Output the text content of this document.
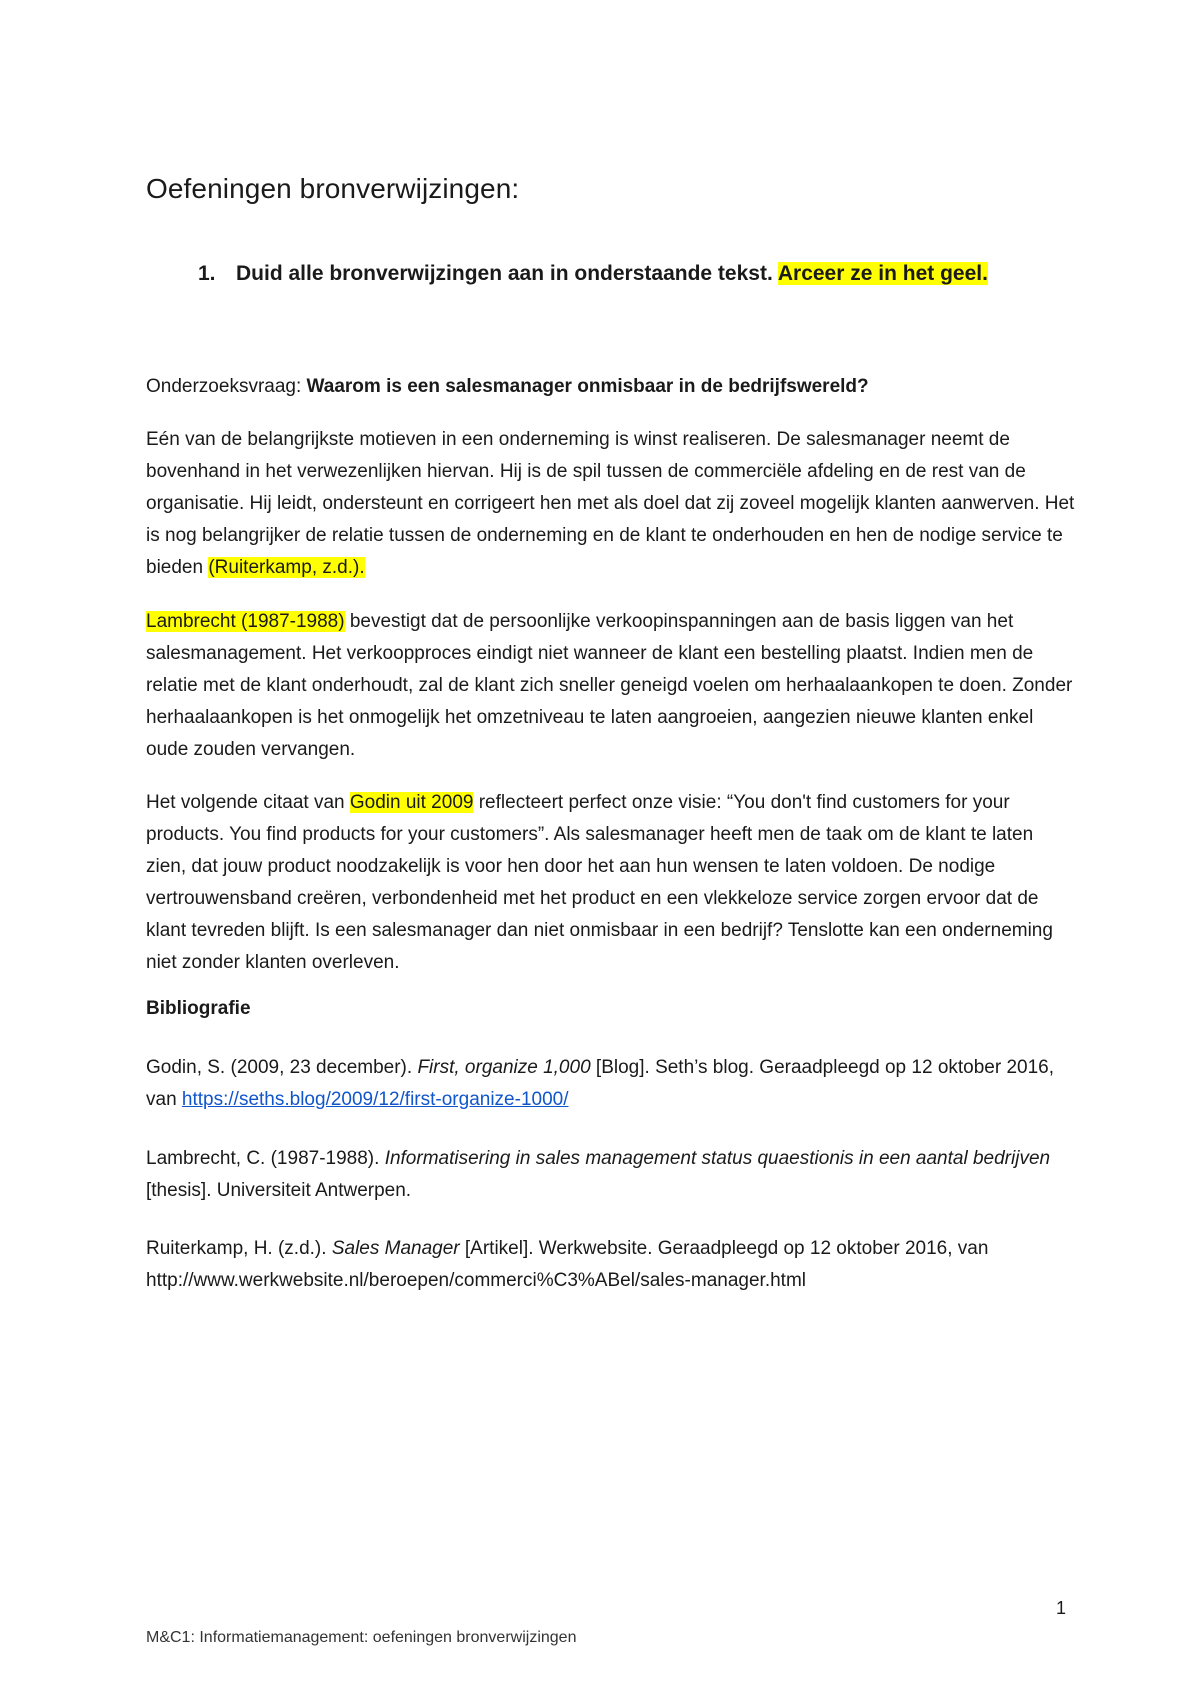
Oefeningen bronverwijzingen:
1. Duid alle bronverwijzingen aan in onderstaande tekst. Arceer ze in het geel.
Onderzoeksvraag: Waarom is een salesmanager onmisbaar in de bedrijfswereld?

Eén van de belangrijkste motieven in een onderneming is winst realiseren. De salesmanager neemt de bovenhand in het verwezenlijken hiervan. Hij is de spil tussen de commerciële afdeling en de rest van de organisatie. Hij leidt, ondersteunt en corrigeert hen met als doel dat zij zoveel mogelijk klanten aanwerven. Het is nog belangrijker de relatie tussen de onderneming en de klant te onderhouden en hen de nodige service te bieden (Ruiterkamp, z.d.).

Lambrecht (1987-1988) bevestigt dat de persoonlijke verkoopinspanningen aan de basis liggen van het salesmanagement. Het verkoopproces eindigt niet wanneer de klant een bestelling plaatst. Indien men de relatie met de klant onderhoudt, zal de klant zich sneller geneigd voelen om herhaalaankopen te doen. Zonder herhaalaankopen is het onmogelijk het omzetniveau te laten aangroeien, aangezien nieuwe klanten enkel oude zouden vervangen.

Het volgende citaat van Godin uit 2009 reflecteert perfect onze visie: “You don't find customers for your products. You find products for your customers”. Als salesmanager heeft men de taak om de klant te laten zien, dat jouw product noodzakelijk is voor hen door het aan hun wensen te laten voldoen. De nodige vertrouwensband creëren, verbondenheid met het product en een vlekkeloze service zorgen ervoor dat de klant tevreden blijft. Is een salesmanager dan niet onmisbaar in een bedrijf? Tenslotte kan een onderneming niet zonder klanten overleven.

Bibliografie
Godin, S. (2009, 23 december). First, organize 1,000 [Blog]. Seth’s blog. Geraadpleegd op 12 oktober 2016, van https://seths.blog/2009/12/first-organize-1000/
Lambrecht, C. (1987-1988). Informatisering in sales management status quaestionis in een aantal bedrijven [thesis]. Universiteit Antwerpen.
Ruiterkamp, H. (z.d.). Sales Manager [Artikel]. Werkwebsite. Geraadpleegd op 12 oktober 2016, van http://www.werkwebsite.nl/beroepen/commerci%C3%ABel/sales-manager.html
1
M&C1: Informatiemanagement: oefeningen bronverwijzingen
